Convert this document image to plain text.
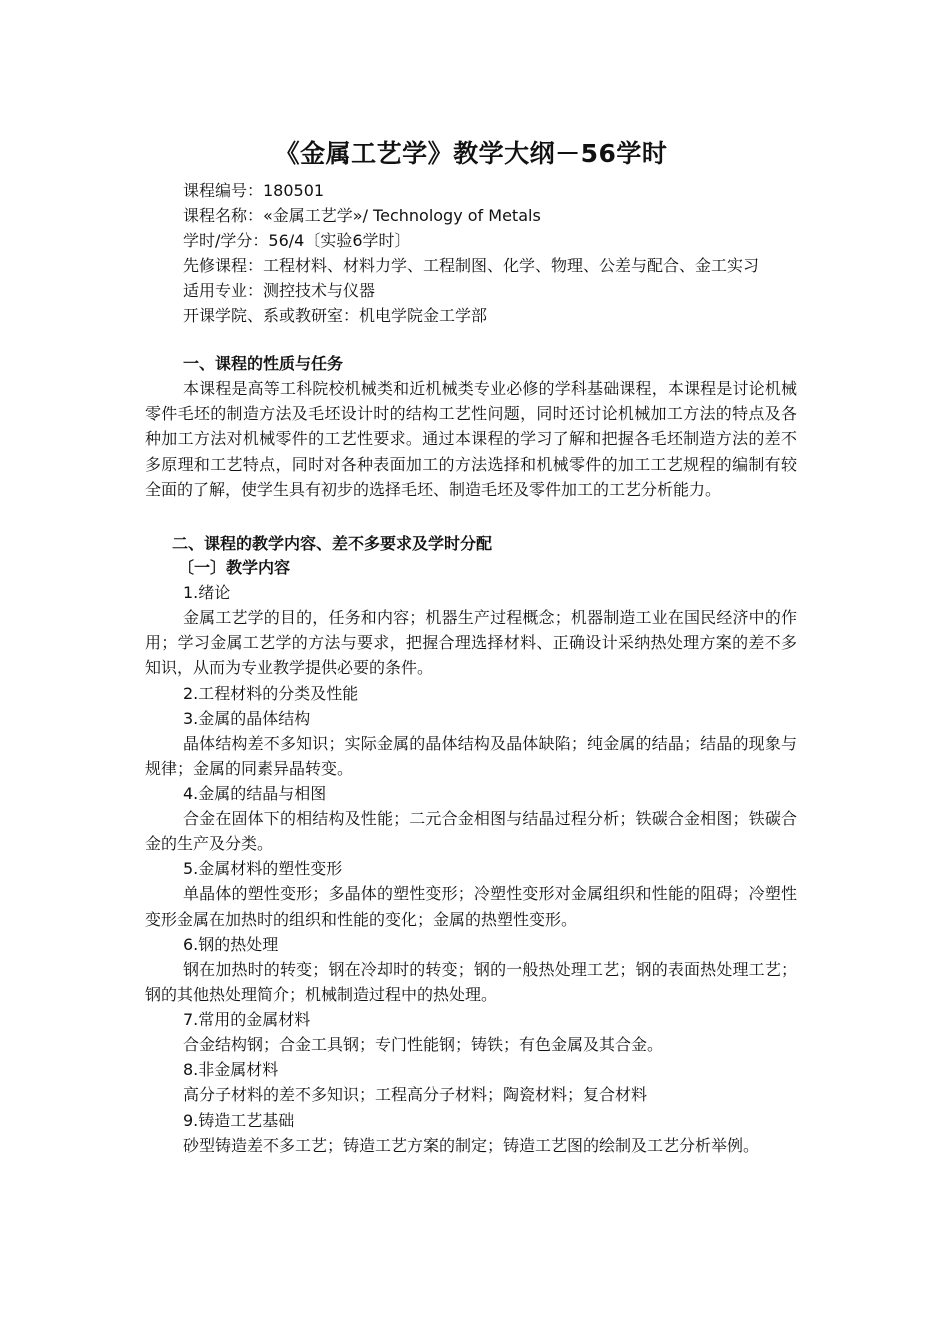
《金属工艺学》教学大纲－56学时

课程编号：180501

课程名称：«金属工艺学»/ Technology of Metals

学时/学分：56/4〔实验6学时〕

先修课程：工程材料、材料力学、工程制图、化学、物理、公差与配合、金工实习

适用专业：测控技术与仪器

开课学院、系或教研室：机电学院金工学部

一、课程的性质与任务

本课程是高等工科院校机械类和近机械类专业必修的学科基础课程，本课程是讨论机械零件毛坯的制造方法及毛坯设计时的结构工艺性问题，同时还讨论机械加工方法的特点及各种加工方法对机械零件的工艺性要求。通过本课程的学习了解和把握各毛坯制造方法的差不多原理和工艺特点，同时对各种表面加工的方法选择和机械零件的加工工艺规程的编制有较全面的了解，使学生具有初步的选择毛坯、制造毛坯及零件加工的工艺分析能力。

二、课程的教学内容、差不多要求及学时分配

〔一〕教学内容

1.绪论

金属工艺学的目的，任务和内容；机器生产过程概念；机器制造工业在国民经济中的作用；学习金属工艺学的方法与要求，把握合理选择材料、正确设计采纳热处理方案的差不多知识，从而为专业教学提供必要的条件。

2.工程材料的分类及性能

3.金属的晶体结构

晶体结构差不多知识；实际金属的晶体结构及晶体缺陷；纯金属的结晶；结晶的现象与规律；金属的同素异晶转变。

4.金属的结晶与相图

合金在固体下的相结构及性能；二元合金相图与结晶过程分析；铁碳合金相图；铁碳合金的生产及分类。

5.金属材料的塑性变形

单晶体的塑性变形；多晶体的塑性变形；冷塑性变形对金属组织和性能的阻碍；冷塑性变形金属在加热时的组织和性能的变化；金属的热塑性变形。

6.钢的热处理

钢在加热时的转变；钢在冷却时的转变；钢的一般热处理工艺；钢的表面热处理工艺；钢的其他热处理简介；机械制造过程中的热处理。

7.常用的金属材料

合金结构钢；合金工具钢；专门性能钢；铸铁；有色金属及其合金。

8.非金属材料

高分子材料的差不多知识；工程高分子材料；陶瓷材料；复合材料

9.铸造工艺基础

砂型铸造差不多工艺；铸造工艺方案的制定；铸造工艺图的绘制及工艺分析举例。
